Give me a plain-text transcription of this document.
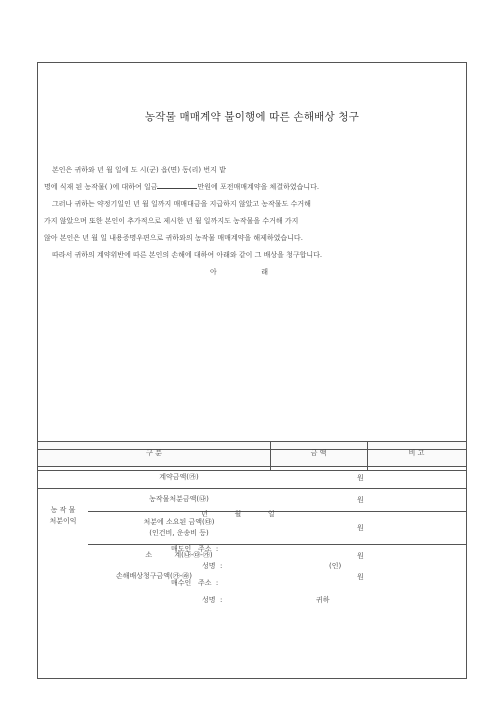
농작물 매매계약 불이행에 따른 손해배상 청구
본인은 귀하와 년 월 일에 도 시(군) 읍(면) 동(리) 번지 밭
명에 식재 된 농작물( )에 대하여 일금	만원에 포전매매계약을 체결하였습니다.
그러나 귀하는 약정기일인 년 월 일까지 매매대금을 지급하지 않았고 농작물도 수거해
가지 않았으며 또한 본인이 추가적으로 제시한 년 월 일까지도 농작물을 수거해 가지
않아 본인은 년 월 일 내용증명우편으로 귀하와의 농작물 매매계약을 해제하였습니다.
따라서 귀하의 계약위반에 따른 본인의 손해에 대하여 아래와 같이 그 배상을 청구합니다.
아                    래
구 분	금 액	비 고
계약금액(㉮)	원
농 작 물
처분이익
농작물처분금액(㉯)	원
처분에 소요된 금액(㉰)
(인건비, 운송비 등)
원
소          계(㉯-㉰-㉮)	원
손해배상청구금액(㉮-㉱)	원
년            월            일
매도인   주소  :
성명  :	(인)
매수인   주소  :
성명  :	귀하
